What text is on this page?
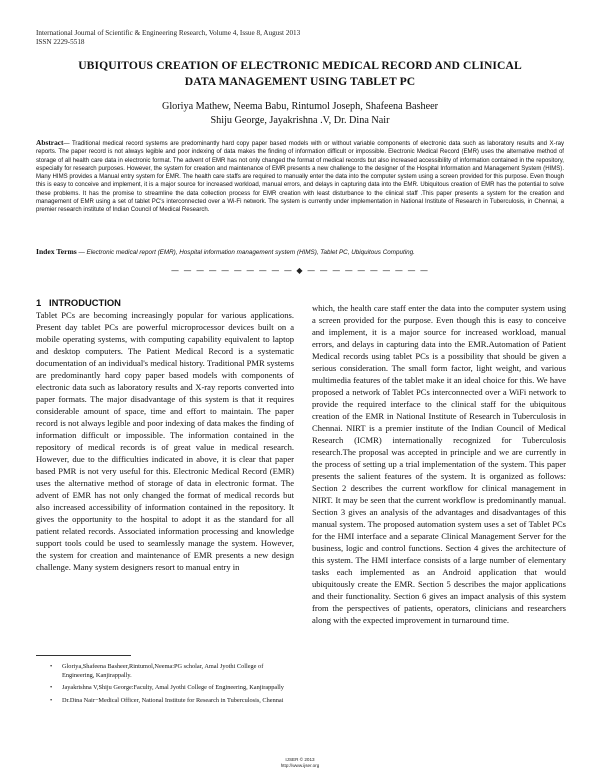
International Journal of Scientific & Engineering Research, Volume 4, Issue 8, August 2013
ISSN 2229-5518
UBIQUITOUS CREATION OF ELECTRONIC MEDICAL RECORD AND CLINICAL
DATA MANAGEMENT USING TABLET PC
Gloriya Mathew, Neema Babu, Rintumol Joseph, Shafeena Basheer
Shiju George, Jayakrishna .V, Dr. Dina Nair
Abstract— Traditional medical record systems are predominantly hard copy paper based models with or without variable components of electronic data such as laboratory results and X-ray reports. The paper record is not always legible and poor indexing of data makes the finding of information difficult or impossible. Electronic Medical Record (EMR) uses the alternative method of storage of all health care data in electronic format. The advent of EMR has not only changed the format of medical records but also increased accessibility of information contained in the repository, especially for research purposes. However, the system for creation and maintenance of EMR presents a new challenge to the designer of the Hospital Information and Management System (HIMS). Many HIMS provides a Manual entry system for EMR. The health care staffs are required to manually enter the data into the computer system using a screen provided for this purpose. Even though this is easy to conceive and implement, it is a major source for increased workload, manual errors, and delays in capturing data into the EMR. Ubiquitous creation of EMR has the potential to solve these problems. It has the promise to streamline the data collection process for EMR creation with least disturbance to the clinical staff .This paper presents a system for the creation and management of EMR using a set of tablet PC's interconnected over a Wi-Fi network. The system is currently under implementation in National Institute of Research in Tuberculosis, in Chennai, a premier research institute of Indian Council of Medical Research.
Index Terms — Electronic medical report (EMR), Hospital information management system (HIMS), Tablet PC, Ubiquitous Computing.
— — — — — — — — — — ◆ — — — — — — — — — —
1 INTRODUCTION
Tablet PCs are becoming increasingly popular for various applications. Present day tablet PCs are powerful microprocessor devices built on a mobile operating systems, with computing capability equivalent to laptop and desktop computers. The Patient Medical Record is a systematic documentation of an individual's medical history. Traditional PMR systems are predominantly hard copy paper based models with components of electronic data such as laboratory results and X-ray reports converted into paper formats. The major disadvantage of this system is that it requires considerable amount of space, time and effort to maintain. The paper record is not always legible and poor indexing of data makes the finding of information difficult or impossible. The information contained in the repository of medical records is of great value in medical research. However, due to the difficulties indicated in above, it is clear that paper based PMR is not very useful for this. Electronic Medical Record (EMR) uses the alternative method of storage of data in electronic format. The advent of EMR has not only changed the format of medical records but also increased accessibility of information contained in the repository. It gives the opportunity to the hospital to adopt it as the standard for all patient related records. Associated information processing and knowledge support tools could be used to seamlessly manage the system. However, the system for creation and maintenance of EMR presents a new design challenge. Many system designers resort to manual entry in
which, the health care staff enter the data into the computer system using a screen provided for the purpose. Even though this is easy to conceive and implement, it is a major source for increased workload, manual errors, and delays in capturing data into the EMR.Automation of Patient Medical records using tablet PCs is a possibility that should be given a serious consideration. The small form factor, light weight, and various multimedia features of the tablet make it an ideal choice for this. We have proposed a network of Tablet PCs interconnected over a WiFi network to provide the required interface to the clinical staff for the ubiquitous creation of the EMR in National Institute of Research in Tuberculosis in Chennai. NIRT is a premier institute of the Indian Council of Medical Research (ICMR) internationally recognized for Tuberculosis research.The proposal was accepted in principle and we are currently in the process of setting up a trial implementation of the system. This paper presents the salient features of the system. It is organized as follows: Section 2 describes the current workflow for clinical management in NIRT. It may be seen that the current workflow is predominantly manual. Section 3 gives an analysis of the advantages and disadvantages of this manual system. The proposed automation system uses a set of Tablet PCs for the HMI interface and a separate Clinical Management Server for the business, logic and control functions. Section 4 gives the architecture of this system. The HMI interface consists of a large number of elementary tasks each implemented as an Android application that would ubiquitously create the EMR. Section 5 describes the major applications and their functionality. Section 6 gives an impact analysis of this system from the perspectives of patients, operators, clinicians and researchers along with the expected improvement in turnaround time.
• Gloriya,Shafeena Basheer,Rintumol,Neema:PG scholar, Amal Jyothi College of Engineering, Kanjirappally.
• Jayakrishna V,Shiju George:Faculty, Amal Jyothi College of Engineering, Kanjirappally
• Dr.Dina Nair−Medical Officer, National Institute for Research in Tuberculosis, Chennai
IJSER © 2013
http://www.ijser.org
